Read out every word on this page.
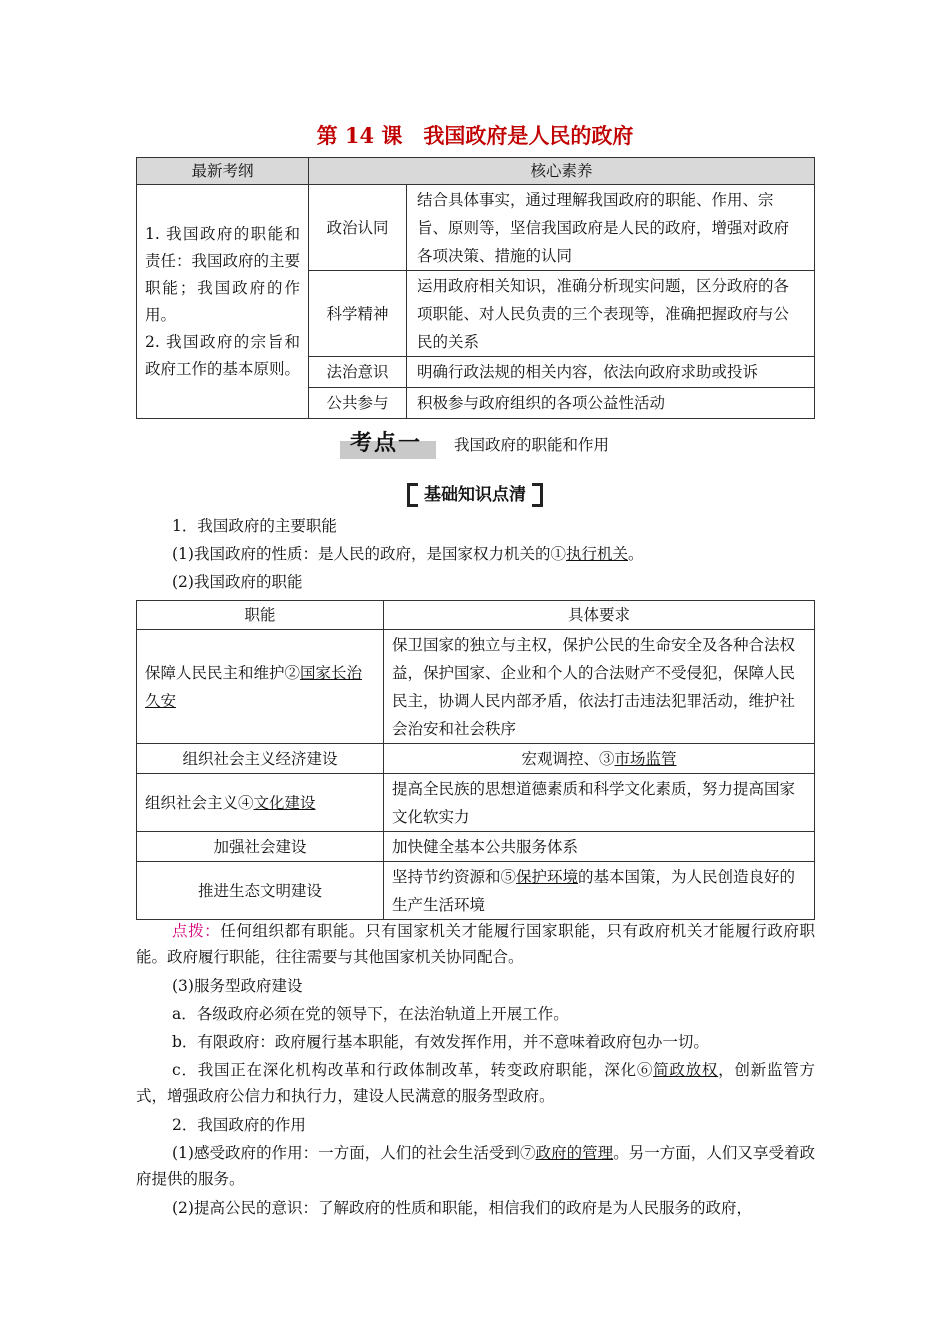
第 14 课　我国政府是人民的政府
最新考纲	核心素养	

1. 我国政府的职能和责任：我国政府的主要职能；我国政府的作用。
2. 我国政府的宗旨和政府工作的基本原则。	政治认同	结合具体事实，通过理解我国政府的职能、作用、宗旨、原则等，坚信我国政府是人民的政府，增强对政府各项决策、措施的认同
	科学精神	运用政府相关知识，准确分析现实问题，区分政府的各项职能、对人民负责的三个表现等，准确把握政府与公民的关系
	法治意识	明确行政法规的相关内容，依法向政府求助或投诉
	公共参与	积极参与政府组织的各项公益性活动
考点一	我国政府的职能和作用
基础知识点清
1．我国政府的主要职能
(1)我国政府的性质：是人民的政府，是国家权力机关的①执行机关。
(2)我国政府的职能
职能	具体要求
保障人民民主和维护②国家长治久安	保卫国家的独立与主权，保护公民的生命安全及各种合法权益，保护国家、企业和个人的合法财产不受侵犯，保障人民民主，协调人民内部矛盾，依法打击违法犯罪活动，维护社会治安和社会秩序
组织社会主义经济建设	宏观调控、③市场监管
组织社会主义④文化建设	提高全民族的思想道德素质和科学文化素质，努力提高国家文化软实力
加强社会建设	加快健全基本公共服务体系
推进生态文明建设	坚持节约资源和⑤保护环境的基本国策，为人民创造良好的生产生活环境
点拨：任何组织都有职能。只有国家机关才能履行国家职能，只有政府机关才能履行政府职能。政府履行职能，往往需要与其他国家机关协同配合。
(3)服务型政府建设
a．各级政府必须在党的领导下，在法治轨道上开展工作。
b．有限政府：政府履行基本职能，有效发挥作用，并不意味着政府包办一切。
c．我国正在深化机构改革和行政体制改革，转变政府职能，深化⑥简政放权，创新监管方式，增强政府公信力和执行力，建设人民满意的服务型政府。
2．我国政府的作用
(1)感受政府的作用：一方面，人们的社会生活受到⑦政府的管理。另一方面，人们又享受着政府提供的服务。
(2)提高公民的意识：了解政府的性质和职能，相信我们的政府是为人民服务的政府，
